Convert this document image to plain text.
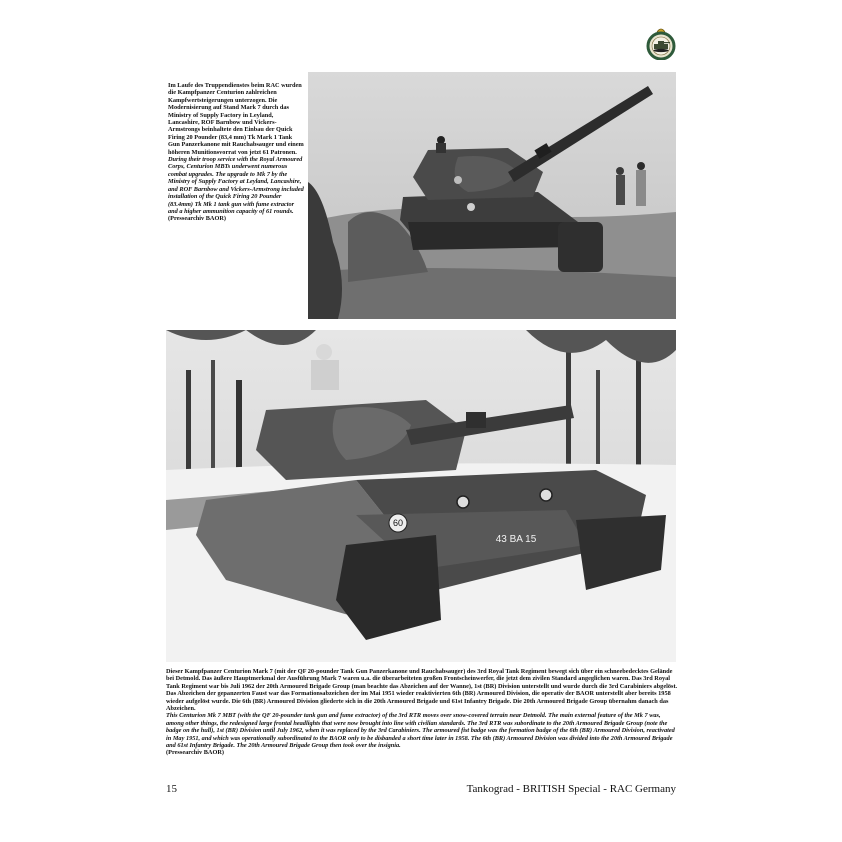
Im Laufe des Truppendienstes beim RAC wurden die Kampfpanzer Centurion zahlreichen Kampfwertsteigerungen unterzogen. Die Modernisierung auf Stand Mark 7 durch das Ministry of Supply Factory in Leyland, Lancashire, ROF Barnbow und Vickers-Armstrongs beinhaltete den Einbau der Quick Firing 20 Pounder (83,4 mm) Tk Mark 1 Tank Gun Panzerkanone mit Rauchabsauger und einem höheren Munitionsvorrat von jetzt 61 Patronen.

During their troop service with the Royal Armoured Corps, Centurion MBTs underwent numerous combat upgrades. The upgrade to Mk 7 by the Ministry of Supply Factory at Leyland, Lancashire, and ROF Barnbow and Vickers-Armstrong included installation of the Quick Firing 20 Pounder (83.4mm) Tk Mk 1 tank gun with fume extractor and a higher ammunition capacity of 61 rounds.

(Pressearchiv BAOR)

60
43 BA 15

Dieser Kampfpanzer Centurion Mark 7 (mit der QF 20-pounder Tank Gun Panzerkanone und Rauchabsauger) des 3rd Royal Tank Regiment bewegt sich über ein schneebedecktes Gelände bei Detmold. Das äußere Hauptmerkmal der Ausführung Mark 7 waren u.a. die überarbeiteten großen Frontscheinwerfer, die jetzt dem zivilen Standard angeglichen waren. Das 3rd Royal Tank Regiment war bis Juli 1962 der 20th Armoured Brigade Group (man beachte das Abzeichen auf der Wanne), 1st (BR) Division unterstellt und wurde durch die 3rd Carabiniers abgelöst. Das Abzeichen der gepanzerten Faust war das Formationsabzeichen der im Mai 1951 wieder reaktivierten 6th (BR) Armoured Division, die operativ der BAOR unterstellt aber bereits 1958 wieder aufgelöst wurde. Die 6th (BR) Armoured Division gliederte sich in die 20th Armoured Brigade und 61st Infantry Brigade. Die 20th Armoured Brigade Group übernahm danach das Abzeichen.

This Centurion Mk 7 MBT (with the QF 20-pounder tank gun and fume extractor) of the 3rd RTR moves over snow-covered terrain near Detmold. The main external feature of the Mk 7 was, among other things, the redesigned large frontal headlights that were now brought into line with civilian standards. The 3rd RTR was subordinate to the 20th Armoured Brigade Group (note the badge on the hull), 1st (BR) Division until July 1962, when it was replaced by the 3rd Carabiniers. The armoured fist badge was the formation badge of the 6th (BR) Armoured Division, reactivated in May 1951, and which was operationally subordinated to the BAOR only to be disbanded a short time later in 1958. The 6th (BR) Armoured Division was divided into the 20th Armoured Brigade and 61st Infantry Brigade. The 20th Armoured Brigade Group then took over the insignia.

(Pressearchiv BAOR)

15	Tankograd - BRITISH Special - RAC Germany
